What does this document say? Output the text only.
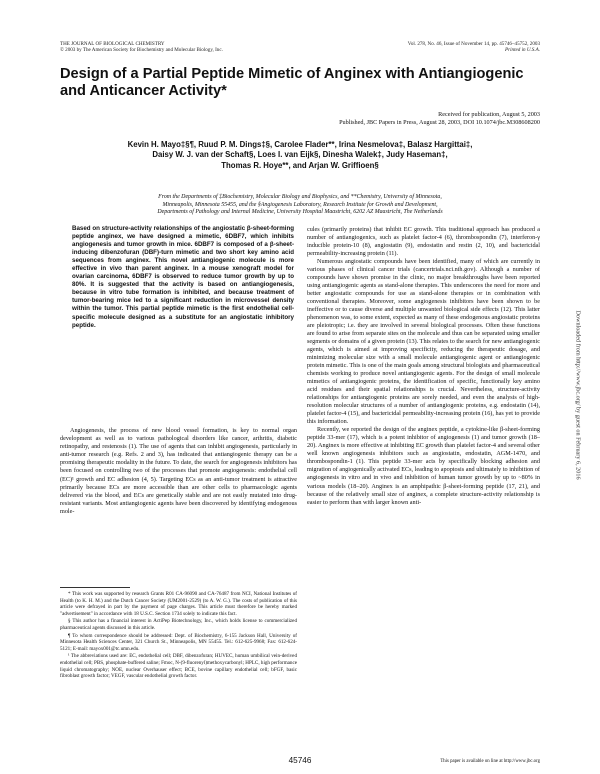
THE JOURNAL OF BIOLOGICAL CHEMISTRY
© 2003 by The American Society for Biochemistry and Molecular Biology, Inc.
Vol. 278, No. 46, Issue of November 14, pp. 45746–45752, 2003
Printed in U.S.A.
Design of a Partial Peptide Mimetic of Anginex with Antiangiogenic and Anticancer Activity*
Received for publication, August 5, 2003
Published, JBC Papers in Press, August 28, 2003, DOI 10.1074/jbc.M308608200
Kevin H. Mayo‡§¶, Ruud P. M. Dings‡§, Carolee Flader**, Irina Nesmelova‡, Balasz Hargittai‡,
Daisy W. J. van der Schaft§, Loes I. van Eijk§, Dinesha Walek‡, Judy Haseman‡,
Thomas R. Hoye**, and Arjan W. Griffioen§
From the Departments of ‡Biochemistry, Molecular Biology and Biophysics, and **Chemistry, University of Minnesota,
Minneapolis, Minnesota 55455, and the §Angiogenesis Laboratory, Research Institute for Growth and Development,
Departments of Pathology and Internal Medicine, University Hospital Maastricht, 6202 AZ Maastricht, The Netherlands

Based on structure-activity relationships of the angiostatic β-sheet-forming peptide anginex, we have designed a mimetic, 6DBF7, which inhibits angiogenesis and tumor growth in mice. 6DBF7 is composed of a β-sheet-inducing dibenzofuran (DBF)-turn mimetic and two short key amino acid sequences from anginex. This novel antiangiogenic molecule is more effective in vivo than parent anginex. In a mouse xenograft model for ovarian carcinoma, 6DBF7 is observed to reduce tumor growth by up to 80%. It is suggested that the activity is based on antiangiogenesis, because in vitro tube formation is inhibited, and because treatment of tumor-bearing mice led to a significant reduction in microvessel density within the tumor. This partial peptide mimetic is the first endothelial cell-specific molecule designed as a substitute for an angiostatic inhibitory peptide.

Angiogenesis, the process of new blood vessel formation, is key to normal organ development as well as to various pathological disorders like cancer, arthritis, diabetic retinopathy, and restenosis (1). The use of agents that can inhibit angiogenesis, particularly in anti-tumor research (e.g. Refs. 2 and 3), has indicated that antiangiogenic therapy can be a promising therapeutic modality in the future. To date, the search for angiogenesis inhibitors has been focused on controlling two of the processes that promote angiogenesis: endothelial cell (EC)¹ growth and EC adhesion (4, 5). Targeting ECs as an anti-tumor treatment is attractive primarily because ECs are more accessible than are other cells to pharmacologic agents delivered via the blood, and ECs are genetically stable and are not easily mutated into drug-resistant variants. Most antiangiogenic agents have been discovered by identifying endogenous mole-

* This work was supported by research Grants R01 CA-96090 and CA-76487 from NCI, National Institutes of Health (to K. H. M.) and the Dutch Cancer Society (UM2001-2529) (to A. W. G.). The costs of publication of this article were defrayed in part by the payment of page charges. This article must therefore be hereby marked "advertisement" in accordance with 18 U.S.C. Section 1734 solely to indicate this fact.

§ This author has a financial interest in ActiPep Biotechnology, Inc., which holds license to commercialized pharmaceutical agents discussed in this article.

¶ To whom correspondence should be addressed: Dept. of Biochemistry, 6-155 Jackson Hall, University of Minnesota Health Sciences Center, 321 Church St., Minneapolis, MN 55455. Tel.: 612-625-9968; Fax: 612-624-5121; E-mail: mayox001@tc.umn.edu.

¹ The abbreviations used are: EC, endothelial cell; DBF, dibenzofuran; HUVEC, human umbilical vein-derived endothelial cell; PBS, phosphate-buffered saline; Fmoc, N-(9-fluorenyl)methoxycarbonyl; HPLC, high performance liquid chromatography; NOE, nuclear Overhauser effect; BCE, bovine capillary endothelial cell; bFGF, basic fibroblast growth factor; VEGF, vascular endothelial growth factor.

cules (primarily proteins) that inhibit EC growth. This traditional approach has produced a number of antiangiogenics, such as platelet factor-4 (6), thrombospondin (7), interferon-γ inducible protein-10 (8), angiostatin (9), endostatin and restin (2, 10), and bactericidal permeability-increasing protein (11).

Numerous angiostatic compounds have been identified, many of which are currently in various phases of clinical cancer trials (cancertrials.nci.nih.gov). Although a number of compounds have shown promise in the clinic, no major breakthroughs have been reported using antiangiogenic agents as stand-alone therapies. This underscores the need for more and better angiostatic compounds for use as stand-alone therapies or in combination with conventional therapies. Moreover, some angiogenesis inhibitors have been shown to be ineffective or to cause diverse and multiple unwanted biological side effects (12). This latter phenomenon was, to some extent, expected as many of these endogenous angiostatic proteins are pleiotropic; i.e. they are involved in several biological processes. Often these functions are found to arise from separate sites on the molecule and thus can be separated using smaller segments or domains of a given protein (13). This relates to the search for new antiangiogenic agents, which is aimed at improving specificity, reducing the therapeutic dosage, and minimizing molecular size with a small molecule antiangiogenic agent or antiangiogenic protein mimetic. This is one of the main goals among structural biologists and pharmaceutical chemists working to produce novel antiangiogenic agents. For the design of small molecule mimetics of antiangiogenic proteins, the identification of specific, functionally key amino acid residues and their spatial relationships is crucial. Nevertheless, structure-activity relationships for antiangiogenic proteins are sorely needed, and even the analysis of high-resolution molecular structures of a number of antiangiogenic proteins, e.g. endostatin (14), platelet factor-4 (15), and bactericidal permeability-increasing protein (16), has yet to provide this information.

Recently, we reported the design of the anginex peptide, a cytokine-like β-sheet-forming peptide 33-mer (17), which is a potent inhibitor of angiogenesis (1) and tumor growth (18–20). Anginex is more effective at inhibiting EC growth than platelet factor-4 and several other well known angiogenesis inhibitors such as angiostatin, endostatin, AGM-1470, and thrombospondin-1 (1). This peptide 33-mer acts by specifically blocking adhesion and migration of angiogenically activated ECs, leading to apoptosis and ultimately to inhibition of angiogenesis in vitro and in vivo and inhibition of human tumor growth by up to ~80% in various models (18–20). Anginex is an amphipathic β-sheet-forming peptide (17, 21), and because of the relatively small size of anginex, a complete structure-activity relationship is easier to perform than with larger known anti-

45746	This paper is available on line at http://www.jbc.org
Downloaded from http://www.jbc.org/ by guest on February 6, 2016
